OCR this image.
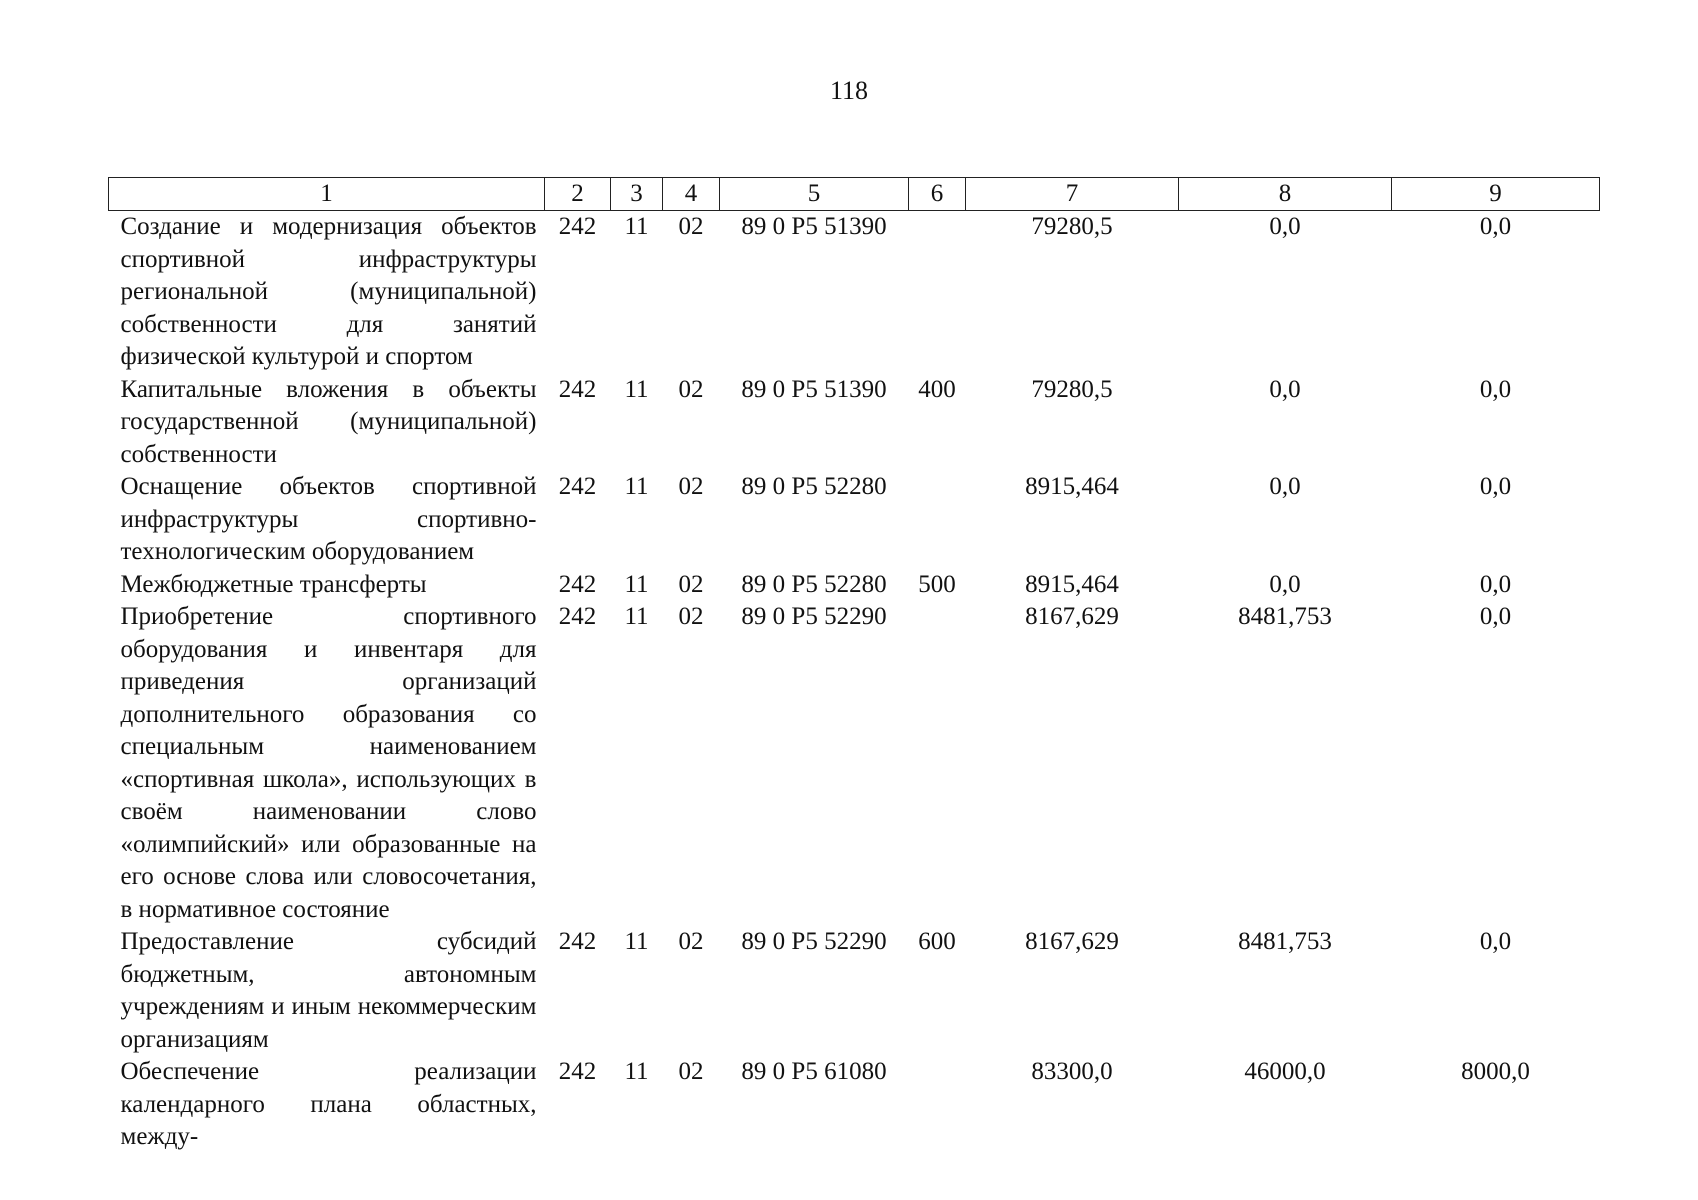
118
1	2	3	4	5	6	7	8	9
Создание и модернизация объектов спортивной инфраструктуры региональной (муниципальной) собственности для занятий физической культурой и спортом	242	11	02	89 0 P5 51390		79280,5	0,0	0,0
Капитальные вложения в объекты государственной (муниципальной) собственности	242	11	02	89 0 P5 51390	400	79280,5	0,0	0,0
Оснащение объектов спортивной инфраструктуры спортивно-технологическим оборудованием	242	11	02	89 0 P5 52280		8915,464	0,0	0,0
Межбюджетные трансферты	242	11	02	89 0 P5 52280	500	8915,464	0,0	0,0
Приобретение спортивного оборудования и инвентаря для приведения организаций дополнительного образования со специальным наименованием «спортивная школа», использующих в своём наименовании слово «олимпийский» или образованные на его основе слова или словосочетания, в нормативное состояние	242	11	02	89 0 P5 52290		8167,629	8481,753	0,0
Предоставление субсидий бюджетным, автономным учреждениям и иным некоммерческим организациям	242	11	02	89 0 P5 52290	600	8167,629	8481,753	0,0
Обеспечение реализации календарного плана областных, между-	242	11	02	89 0 P5 61080		83300,0	46000,0	8000,0
